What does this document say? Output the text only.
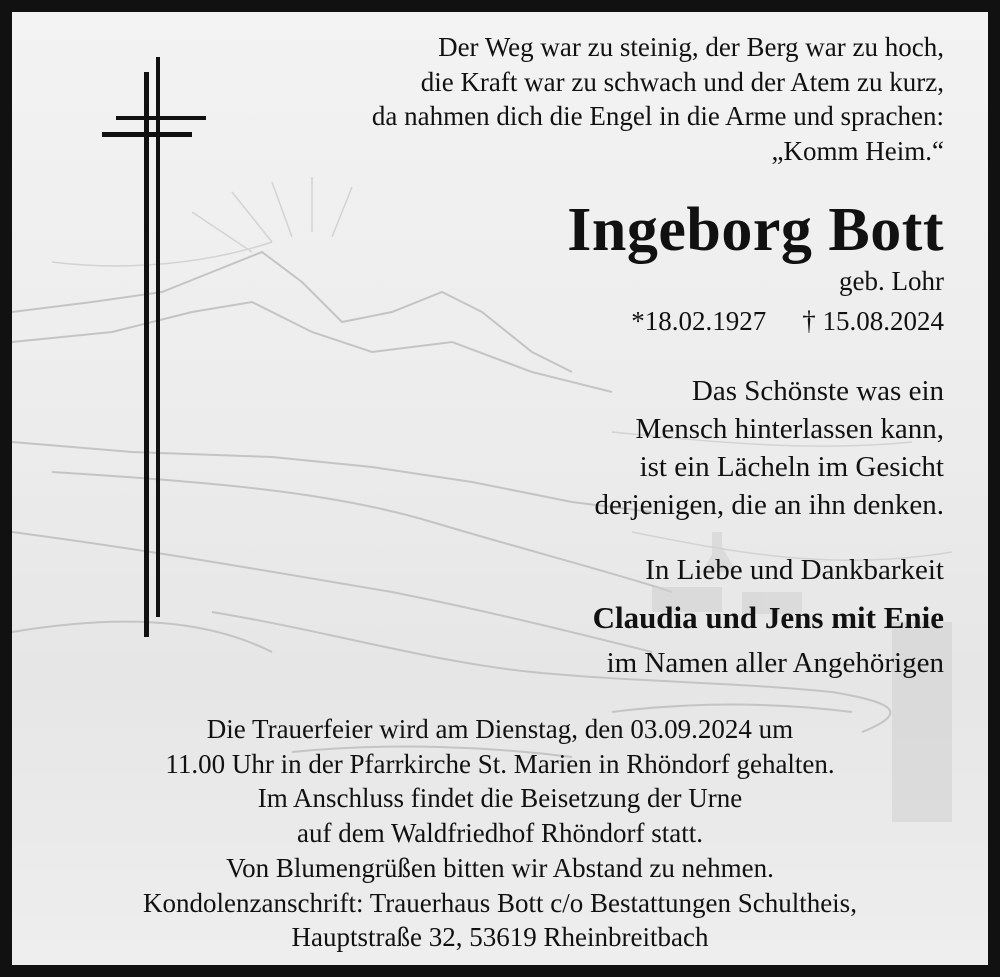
Der Weg war zu steinig, der Berg war zu hoch,
die Kraft war zu schwach und der Atem zu kurz,
da nahmen dich die Engel in die Arme und sprachen:
„Komm Heim.“
Ingeborg Bott
geb. Lohr
*18.02.1927 † 15.08.2024
Das Schönste was ein
Mensch hinterlassen kann,
ist ein Lächeln im Gesicht
derjenigen, die an ihn denken.
In Liebe und Dankbarkeit
Claudia und Jens mit Enie
im Namen aller Angehörigen
Die Trauerfeier wird am Dienstag, den 03.09.2024 um
11.00 Uhr in der Pfarrkirche St. Marien in Rhöndorf gehalten.
Im Anschluss findet die Beisetzung der Urne
auf dem Waldfriedhof Rhöndorf statt.
Von Blumengrüßen bitten wir Abstand zu nehmen.
Kondolenzanschrift: Trauerhaus Bott c/o Bestattungen Schultheis,
Hauptstraße 32, 53619 Rheinbreitbach
